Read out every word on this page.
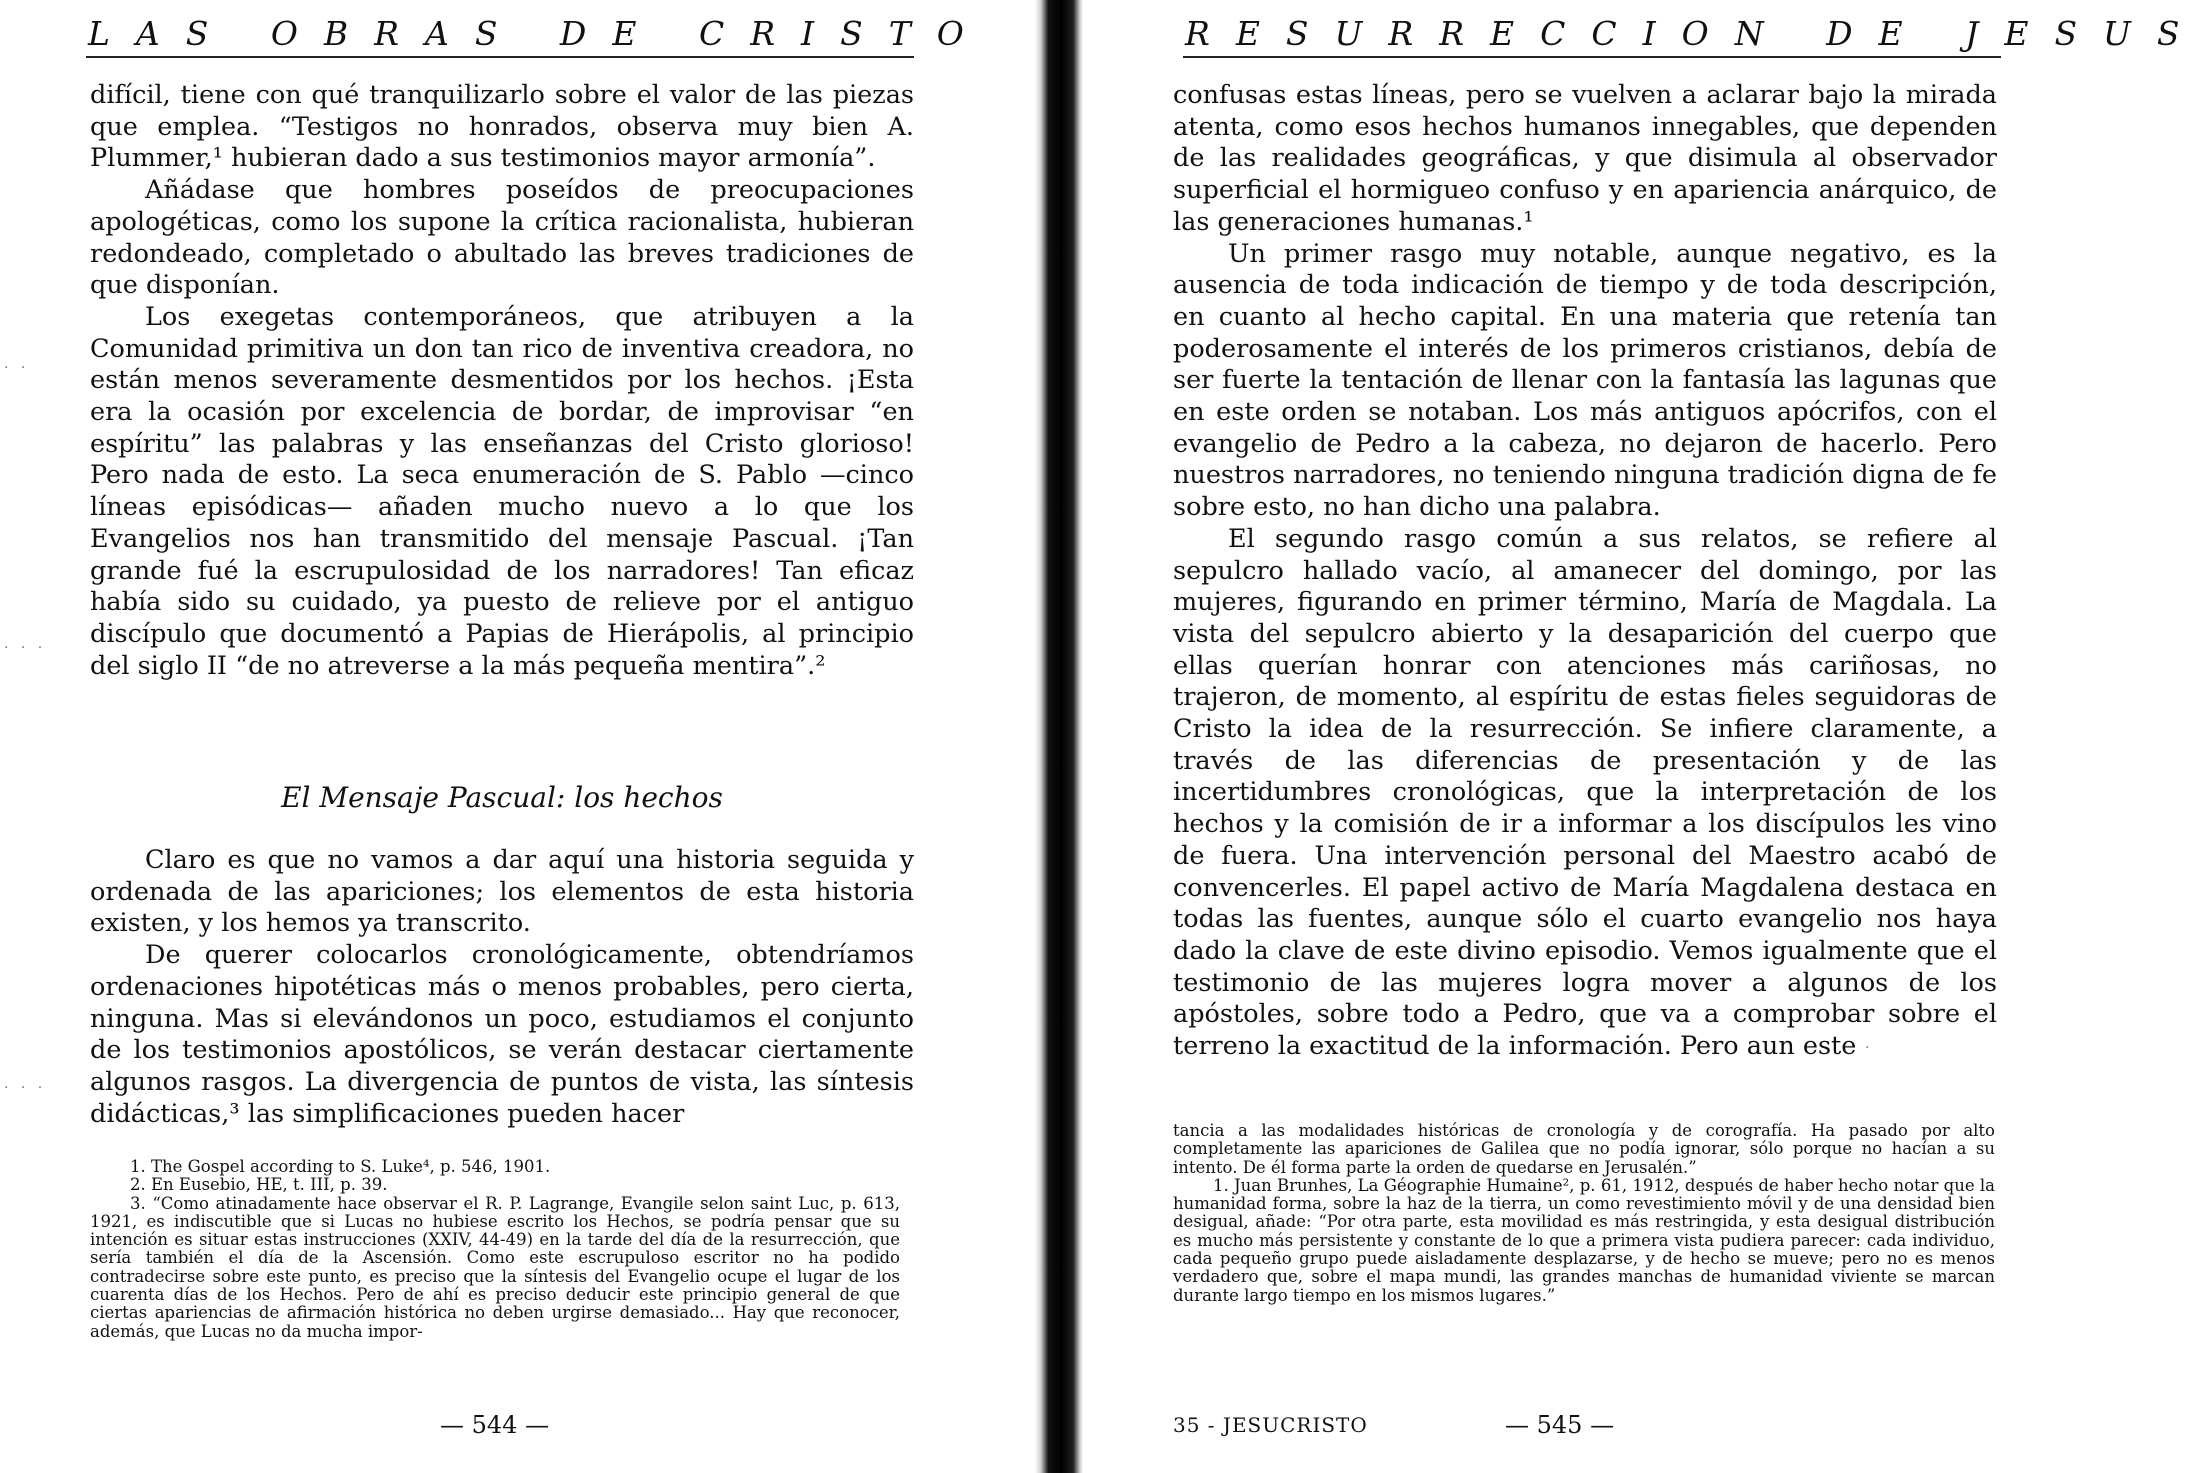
LAS OBRAS DE CRISTO

difícil, tiene con qué tranquilizarlo sobre el valor de las piezas que emplea. “Testigos no honrados, observa muy bien A. Plummer,¹ hubieran dado a sus testimonios mayor armonía”.

Añádase que hombres poseídos de preocupaciones apologéticas, como los supone la crítica racionalista, hubieran redondeado, completado o abultado las breves tradiciones de que disponían.

Los exegetas contemporáneos, que atribuyen a la Comunidad primitiva un don tan rico de inventiva creadora, no están menos severamente desmentidos por los hechos. ¡Esta era la ocasión por excelencia de bordar, de improvisar “en espíritu” las palabras y las enseñanzas del Cristo glorioso! Pero nada de esto. La seca enumeración de S. Pablo —cinco líneas episódicas— añaden mucho nuevo a lo que los Evangelios nos han transmitido del mensaje Pascual. ¡Tan grande fué la escrupulosidad de los narradores! Tan eficaz había sido su cuidado, ya puesto de relieve por el antiguo discípulo que documentó a Papias de Hierápolis, al principio del siglo II “de no atreverse a la más pequeña mentira”.²

El Mensaje Pascual: los hechos

Claro es que no vamos a dar aquí una historia seguida y ordenada de las apariciones; los elementos de esta historia existen, y los hemos ya transcrito.

De querer colocarlos cronológicamente, obtendríamos ordenaciones hipotéticas más o menos probables, pero cierta, ninguna. Mas si elevándonos un poco, estudiamos el conjunto de los testimonios apostólicos, se verán destacar ciertamente algunos rasgos. La divergencia de puntos de vista, las síntesis didácticas,³ las simplificaciones pueden hacer

1. The Gospel according to S. Luke⁴, p. 546, 1901.

2. En Eusebio, HE, t. III, p. 39.

3. “Como atinadamente hace observar el R. P. Lagrange, Evangile selon saint Luc, p. 613, 1921, es indiscutible que si Lucas no hubiese escrito los Hechos, se podría pensar que su intención es situar estas instrucciones (XXIV, 44-49) en la tarde del día de la resurrección, que sería también el día de la Ascensión. Como este escrupuloso escritor no ha podido contradecirse sobre este punto, es preciso que la síntesis del Evangelio ocupe el lugar de los cuarenta días de los Hechos. Pero de ahí es preciso deducir este principio general de que ciertas apariencias de afirmación histórica no deben urgirse demasiado... Hay que reconocer, además, que Lucas no da mucha impor-

— 544 —
· ·
· · ·
· · ·
RESURRECCION DE JESUS

confusas estas líneas, pero se vuelven a aclarar bajo la mirada atenta, como esos hechos humanos innegables, que dependen de las realidades geográficas, y que disimula al observador superficial el hormigueo confuso y en apariencia anárquico, de las generaciones humanas.¹

Un primer rasgo muy notable, aunque negativo, es la ausencia de toda indicación de tiempo y de toda descripción, en cuanto al hecho capital. En una materia que retenía tan poderosamente el interés de los primeros cristianos, debía de ser fuerte la tentación de llenar con la fantasía las lagunas que en este orden se notaban. Los más antiguos apócrifos, con el evangelio de Pedro a la cabeza, no dejaron de hacerlo. Pero nuestros narradores, no teniendo ninguna tradición digna de fe sobre esto, no han dicho una palabra.

El segundo rasgo común a sus relatos, se refiere al sepulcro hallado vacío, al amanecer del domingo, por las mujeres, figurando en primer término, María de Magdala. La vista del sepulcro abierto y la desaparición del cuerpo que ellas querían honrar con atenciones más cariñosas, no trajeron, de momento, al espíritu de estas fieles seguidoras de Cristo la idea de la resurrección. Se infiere claramente, a través de las diferencias de presentación y de las incertidumbres cronológicas, que la interpretación de los hechos y la comisión de ir a informar a los discípulos les vino de fuera. Una intervención personal del Maestro acabó de convencerles. El papel activo de María Magdalena destaca en todas las fuentes, aunque sólo el cuarto evangelio nos haya dado la clave de este divino episodio. Vemos igualmente que el testimonio de las mujeres logra mover a algunos de los apóstoles, sobre todo a Pedro, que va a comprobar sobre el terreno la exactitud de la información. Pero aun este

tancia a las modalidades históricas de cronología y de corografía. Ha pasado por alto completamente las apariciones de Galilea que no podía ignorar, sólo porque no hacían a su intento. De él forma parte la orden de quedarse en Jerusalén.”

1. Juan Brunhes, La Géographie Humaine², p. 61, 1912, después de haber hecho notar que la humanidad forma, sobre la haz de la tierra, un como revestimiento móvil y de una densidad bien desigual, añade: “Por otra parte, esta movilidad es más restringida, y esta desigual distribución es mucho más persistente y constante de lo que a primera vista pudiera parecer: cada individuo, cada pequeño grupo puede aisladamente desplazarse, y de hecho se mueve; pero no es menos verdadero que, sobre el mapa mundi, las grandes manchas de humanidad viviente se marcan durante largo tiempo en los mismos lugares.”

35 - JESUCRISTO	— 545 —
·
